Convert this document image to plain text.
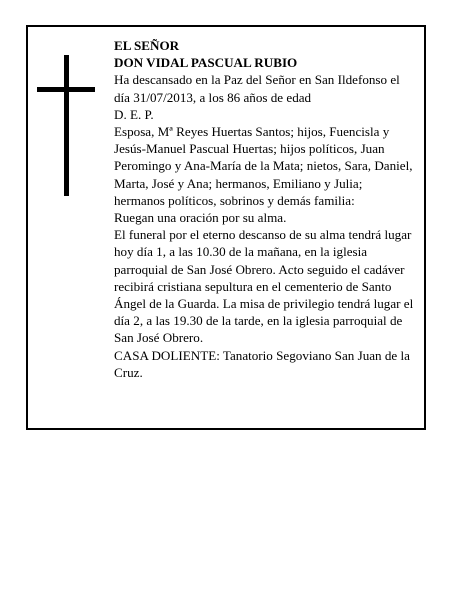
EL SEÑOR

DON VIDAL PASCUAL RUBIO

Ha descansado en la Paz del Señor en San Ildefonso el día 31/07/2013, a los 86 años de edad

D. E. P.

Esposa, Mª Reyes Huertas Santos; hijos, Fuencisla y Jesús-Manuel Pascual Huertas; hijos políticos, Juan Peromingo y Ana-María de la Mata; nietos, Sara, Daniel, Marta, José y Ana; hermanos, Emiliano y Julia; hermanos políticos, sobrinos y demás familia:

Ruegan una oración por su alma.

El funeral por el eterno descanso de su alma tendrá lugar hoy día 1, a las 10.30 de la mañana, en la iglesia parroquial de San José Obrero. Acto seguido el cadáver recibirá cristiana sepultura en el cementerio de Santo Ángel de la Guarda. La misa de privilegio tendrá lugar el día 2, a las 19.30 de la tarde, en la iglesia parroquial de San José Obrero.

CASA DOLIENTE: Tanatorio Segoviano San Juan de la Cruz.
